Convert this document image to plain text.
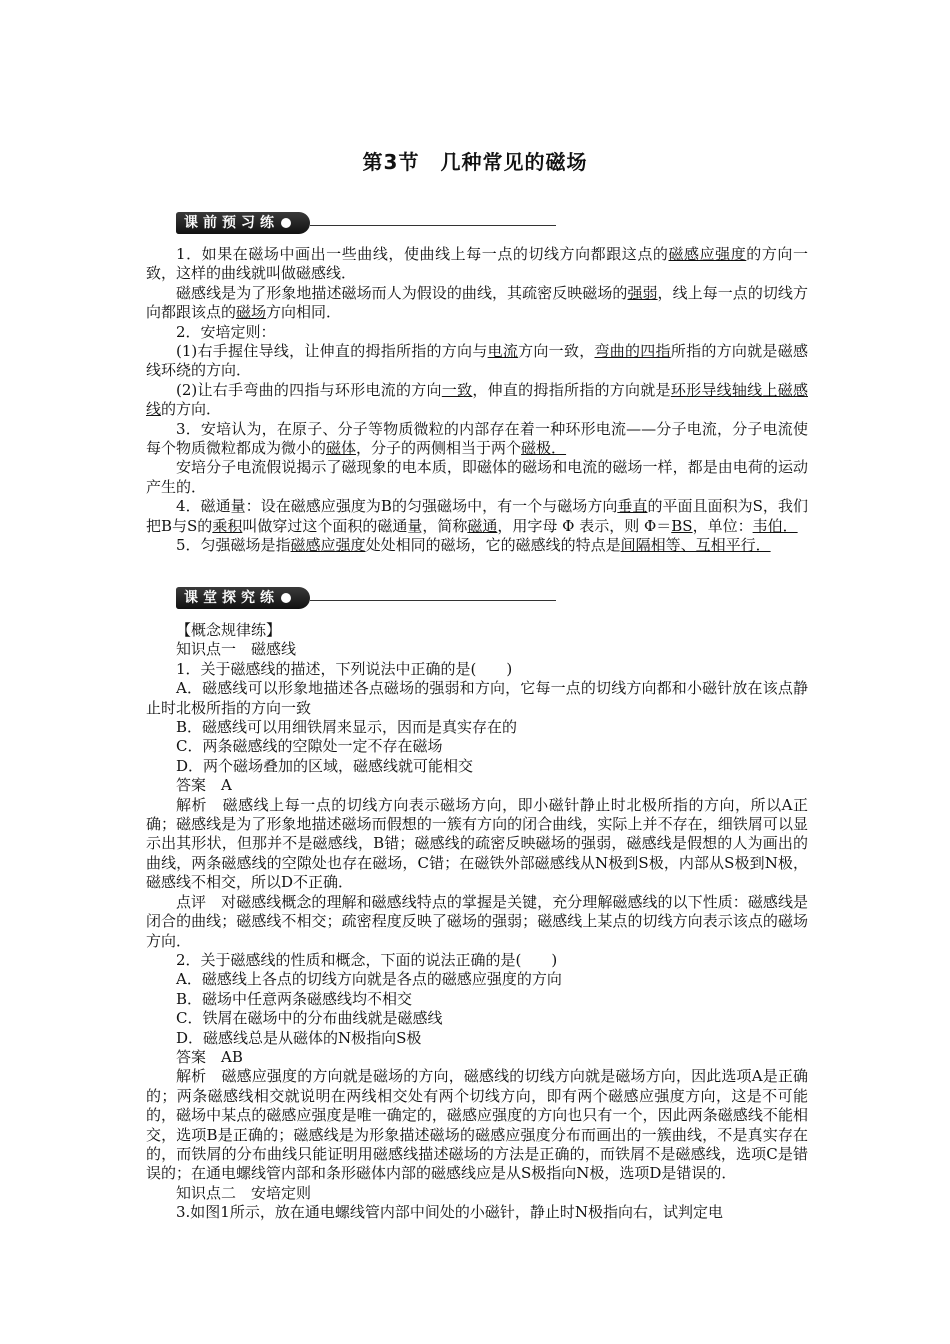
第3节　几种常见的磁场
课前预习练

1．如果在磁场中画出一些曲线，使曲线上每一点的切线方向都跟这点的磁感应强度的方向一致，这样的曲线就叫做磁感线．

磁感线是为了形象地描述磁场而人为假设的曲线，其疏密反映磁场的强弱，线上每一点的切线方向都跟该点的磁场方向相同．

2．安培定则：

(1)右手握住导线，让伸直的拇指所指的方向与电流方向一致，弯曲的四指所指的方向就是磁感线环绕的方向．

(2)让右手弯曲的四指与环形电流的方向一致，伸直的拇指所指的方向就是环形导线轴线上磁感线的方向．

3．安培认为，在原子、分子等物质微粒的内部存在着一种环形电流——分子电流，分子电流使每个物质微粒都成为微小的磁体，分子的两侧相当于两个磁极．

安培分子电流假说揭示了磁现象的电本质，即磁体的磁场和电流的磁场一样，都是由电荷的运动产生的．

4．磁通量：设在磁感应强度为B的匀强磁场中，有一个与磁场方向垂直的平面且面积为S，我们把B与S的乘积叫做穿过这个面积的磁通量，简称磁通，用字母 Φ 表示，则 Φ＝BS，单位：韦伯．

5．匀强磁场是指磁感应强度处处相同的磁场，它的磁感线的特点是间隔相等、互相平行．

课堂探究练

【概念规律练】

知识点一　磁感线

1．关于磁感线的描述，下列说法中正确的是(　　)

A．磁感线可以形象地描述各点磁场的强弱和方向，它每一点的切线方向都和小磁针放在该点静止时北极所指的方向一致

B．磁感线可以用细铁屑来显示，因而是真实存在的

C．两条磁感线的空隙处一定不存在磁场

D．两个磁场叠加的区域，磁感线就可能相交

答案　A

解析　磁感线上每一点的切线方向表示磁场方向，即小磁针静止时北极所指的方向，所以A正确；磁感线是为了形象地描述磁场而假想的一簇有方向的闭合曲线，实际上并不存在，细铁屑可以显示出其形状，但那并不是磁感线，B错；磁感线的疏密反映磁场的强弱，磁感线是假想的人为画出的曲线，两条磁感线的空隙处也存在磁场，C错；在磁铁外部磁感线从N极到S极，内部从S极到N极，磁感线不相交，所以D不正确．

点评　对磁感线概念的理解和磁感线特点的掌握是关键，充分理解磁感线的以下性质：磁感线是闭合的曲线；磁感线不相交；疏密程度反映了磁场的强弱；磁感线上某点的切线方向表示该点的磁场方向．

2．关于磁感线的性质和概念，下面的说法正确的是(　　)

A．磁感线上各点的切线方向就是各点的磁感应强度的方向

B．磁场中任意两条磁感线均不相交

C．铁屑在磁场中的分布曲线就是磁感线

D．磁感线总是从磁体的N极指向S极

答案　AB

解析　磁感应强度的方向就是磁场的方向，磁感线的切线方向就是磁场方向，因此选项A是正确的；两条磁感线相交就说明在两线相交处有两个切线方向，即有两个磁感应强度方向，这是不可能的，磁场中某点的磁感应强度是唯一确定的，磁感应强度的方向也只有一个，因此两条磁感线不能相交，选项B是正确的；磁感线是为形象描述磁场的磁感应强度分布而画出的一簇曲线，不是真实存在的，而铁屑的分布曲线只能证明用磁感线描述磁场的方法是正确的，而铁屑不是磁感线，选项C是错误的；在通电螺线管内部和条形磁体内部的磁感线应是从S极指向N极，选项D是错误的．

知识点二　安培定则

3.如图1所示，放在通电螺线管内部中间处的小磁针，静止时N极指向右，试判定电
